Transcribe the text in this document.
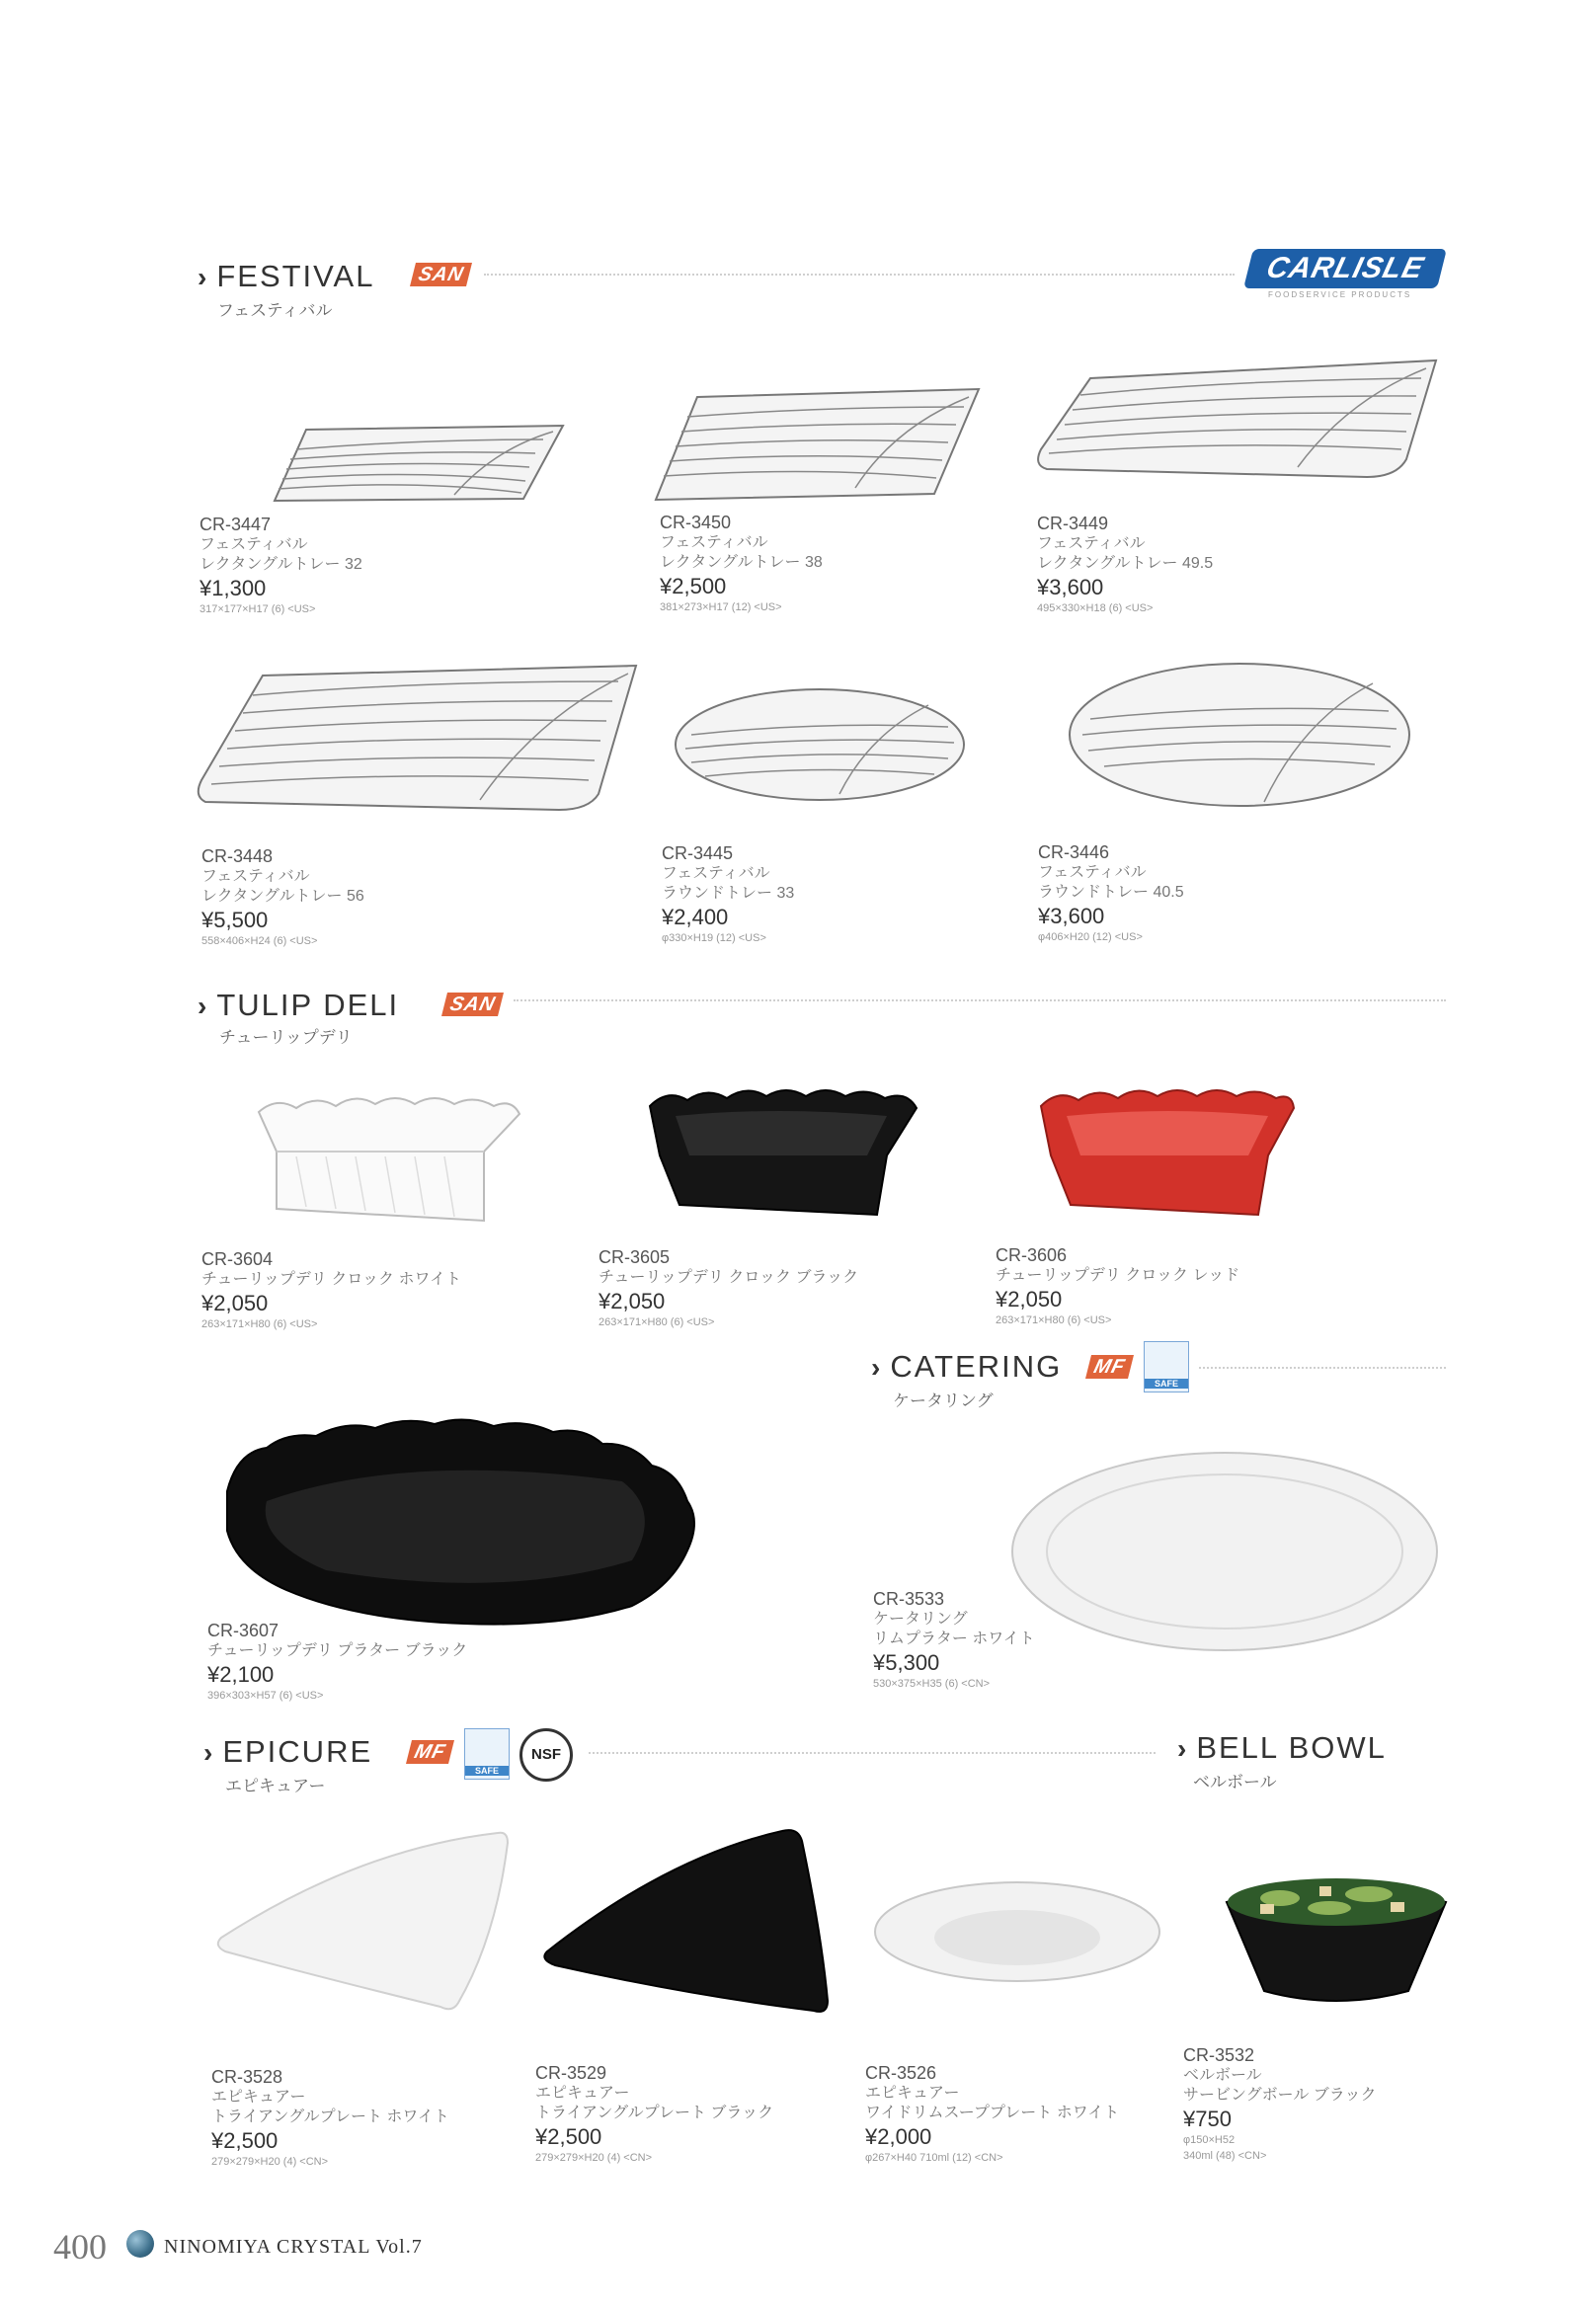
CARLISLE
FOODSERVICE PRODUCTS
› FESTIVAL
フェスティバル
SAN
CR-3447
フェスティバル
レクタングルトレー 32
¥1,300
317×177×H17 (6) <US>
CR-3450
フェスティバル
レクタングルトレー 38
¥2,500
381×273×H17 (12) <US>
CR-3449
フェスティバル
レクタングルトレー 49.5
¥3,600
495×330×H18 (6) <US>
CR-3448
フェスティバル
レクタングルトレー 56
¥5,500
558×406×H24 (6) <US>
CR-3445
フェスティバル
ラウンドトレー 33
¥2,400
φ330×H19 (12) <US>
CR-3446
フェスティバル
ラウンドトレー 40.5
¥3,600
φ406×H20 (12) <US>
› TULIP DELI
チューリップデリ
SAN
CR-3604
チューリップデリ クロック ホワイト
¥2,050
263×171×H80 (6) <US>
CR-3605
チューリップデリ クロック ブラック
¥2,050
263×171×H80 (6) <US>
CR-3606
チューリップデリ クロック レッド
¥2,050
263×171×H80 (6) <US>
› CATERING
ケータリング
MF
SAFE
CR-3607
チューリップデリ プラター ブラック
¥2,100
396×303×H57 (6) <US>
CR-3533
ケータリング
リムプラター ホワイト
¥5,300
530×375×H35 (6) <CN>
› EPICURE
エピキュアー
MF
SAFE
NSF	› BELL BOWL
ベルボール
CR-3528
エピキュアー
トライアングルプレート ホワイト
¥2,500
279×279×H20 (4) <CN>
CR-3529
エピキュアー
トライアングルプレート ブラック
¥2,500
279×279×H20 (4) <CN>
CR-3526
エピキュアー
ワイドリムスーププレート ホワイト
¥2,000
φ267×H40 710ml (12) <CN>
CR-3532
ベルボール
サービングボール ブラック
¥750
φ150×H52
340ml (48) <CN>
400	NINOMIYA CRYSTAL Vol.7
